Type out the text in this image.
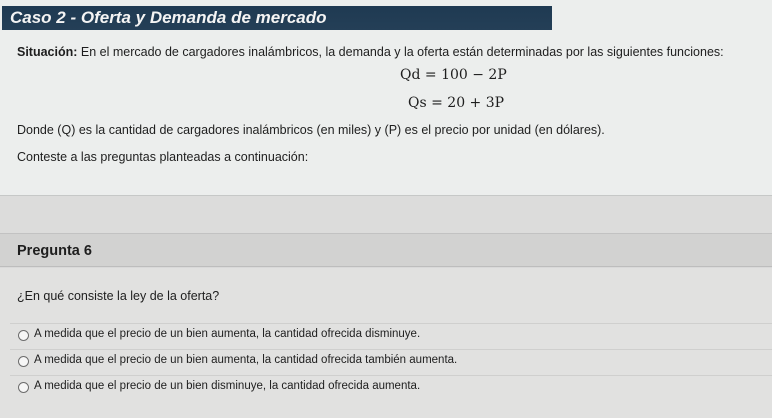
Caso 2 - Oferta y Demanda de mercado
Situación: En el mercado de cargadores inalámbricos, la demanda y la oferta están determinadas por las siguientes funciones:
Qd = 100 − 2P
Qs = 20 + 3P
Donde (Q) es la cantidad de cargadores inalámbricos (en miles) y (P) es el precio por unidad (en dólares).
Conteste a las preguntas planteadas a continuación:
Pregunta 6
¿En qué consiste la ley de la oferta?
A medida que el precio de un bien aumenta, la cantidad ofrecida disminuye.
A medida que el precio de un bien aumenta, la cantidad ofrecida también aumenta.
A medida que el precio de un bien disminuye, la cantidad ofrecida aumenta.
